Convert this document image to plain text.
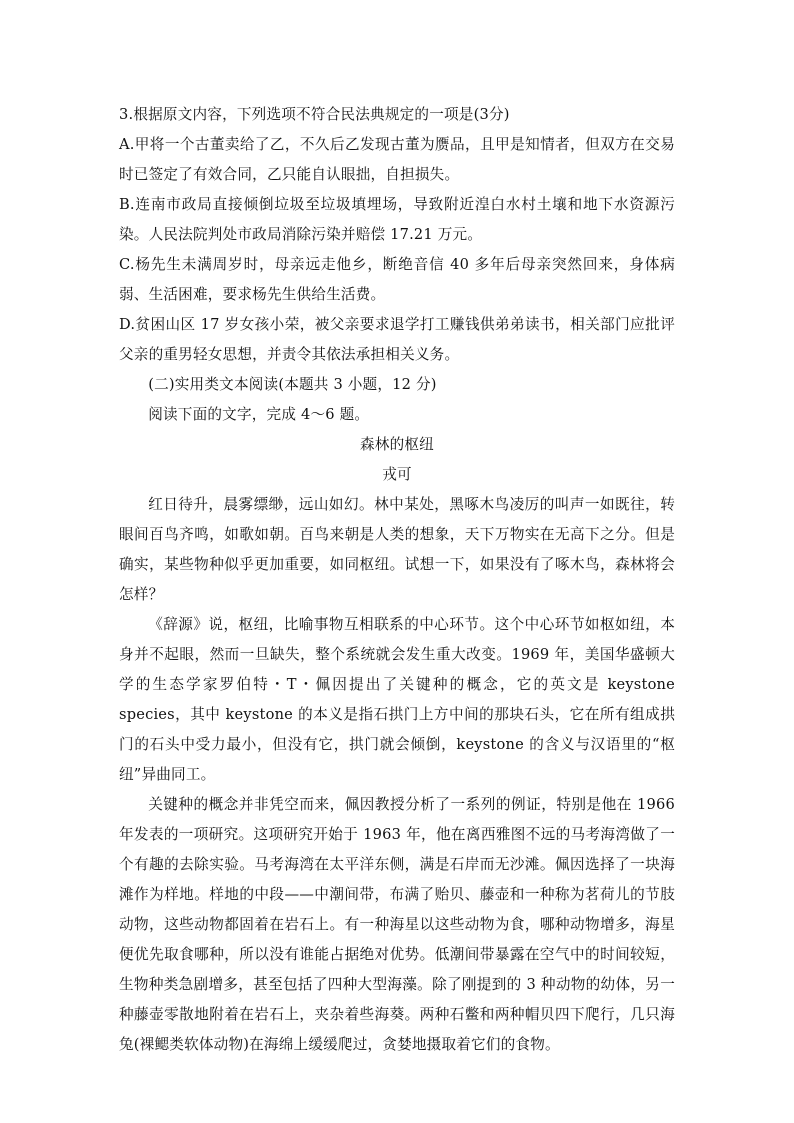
3.根据原文内容，下列选项不符合民法典规定的一项是(3分)

A.甲将一个古董卖给了乙，不久后乙发现古董为赝品，且甲是知情者，但双方在交易时已签定了有效合同，乙只能自认眼拙，自担损失。

B.连南市政局直接倾倒垃圾至垃圾填埋场，导致附近湟白水村土壤和地下水资源污染。人民法院判处市政局消除污染并赔偿 17.21 万元。

C.杨先生未满周岁时，母亲远走他乡，断绝音信 40 多年后母亲突然回来，身体病弱、生活困难，要求杨先生供给生活费。

D.贫困山区 17 岁女孩小荣，被父亲要求退学打工赚钱供弟弟读书，相关部门应批评父亲的重男轻女思想，并责令其依法承担相关义务。

(二)实用类文本阅读(本题共 3 小题，12 分)

阅读下面的文字，完成 4～6 题。

森林的枢纽

戎可

红日待升，晨雾缥缈，远山如幻。林中某处，黑啄木鸟凌厉的叫声一如既往，转眼间百鸟齐鸣，如歌如朝。百鸟来朝是人类的想象，天下万物实在无高下之分。但是确实，某些物种似乎更加重要，如同枢纽。试想一下，如果没有了啄木鸟，森林将会怎样？

《辞源》说，枢纽，比喻事物互相联系的中心环节。这个中心环节如枢如纽，本身并不起眼，然而一旦缺失，整个系统就会发生重大改变。1969 年，美国华盛顿大学的生态学家罗伯特・T・佩因提出了关键种的概念，它的英文是 keystone species，其中 keystone 的本义是指石拱门上方中间的那块石头，它在所有组成拱门的石头中受力最小，但没有它，拱门就会倾倒，keystone 的含义与汉语里的“枢纽”异曲同工。

关键种的概念并非凭空而来，佩因教授分析了一系列的例证，特别是他在 1966 年发表的一项研究。这项研究开始于 1963 年，他在离西雅图不远的马考海湾做了一个有趣的去除实验。马考海湾在太平洋东侧，满是石岸而无沙滩。佩因选择了一块海滩作为样地。样地的中段——中潮间带，布满了贻贝、藤壶和一种称为茗荷儿的节肢动物，这些动物都固着在岩石上。有一种海星以这些动物为食，哪种动物增多，海星便优先取食哪种，所以没有谁能占据绝对优势。低潮间带暴露在空气中的时间较短，生物种类急剧增多，甚至包括了四种大型海藻。除了刚提到的 3 种动物的幼体，另一种藤壶零散地附着在岩石上，夹杂着些海葵。两种石鳖和两种帽贝四下爬行，几只海兔(裸鳃类软体动物)在海绵上缓缓爬过，贪婪地摄取着它们的食物。
